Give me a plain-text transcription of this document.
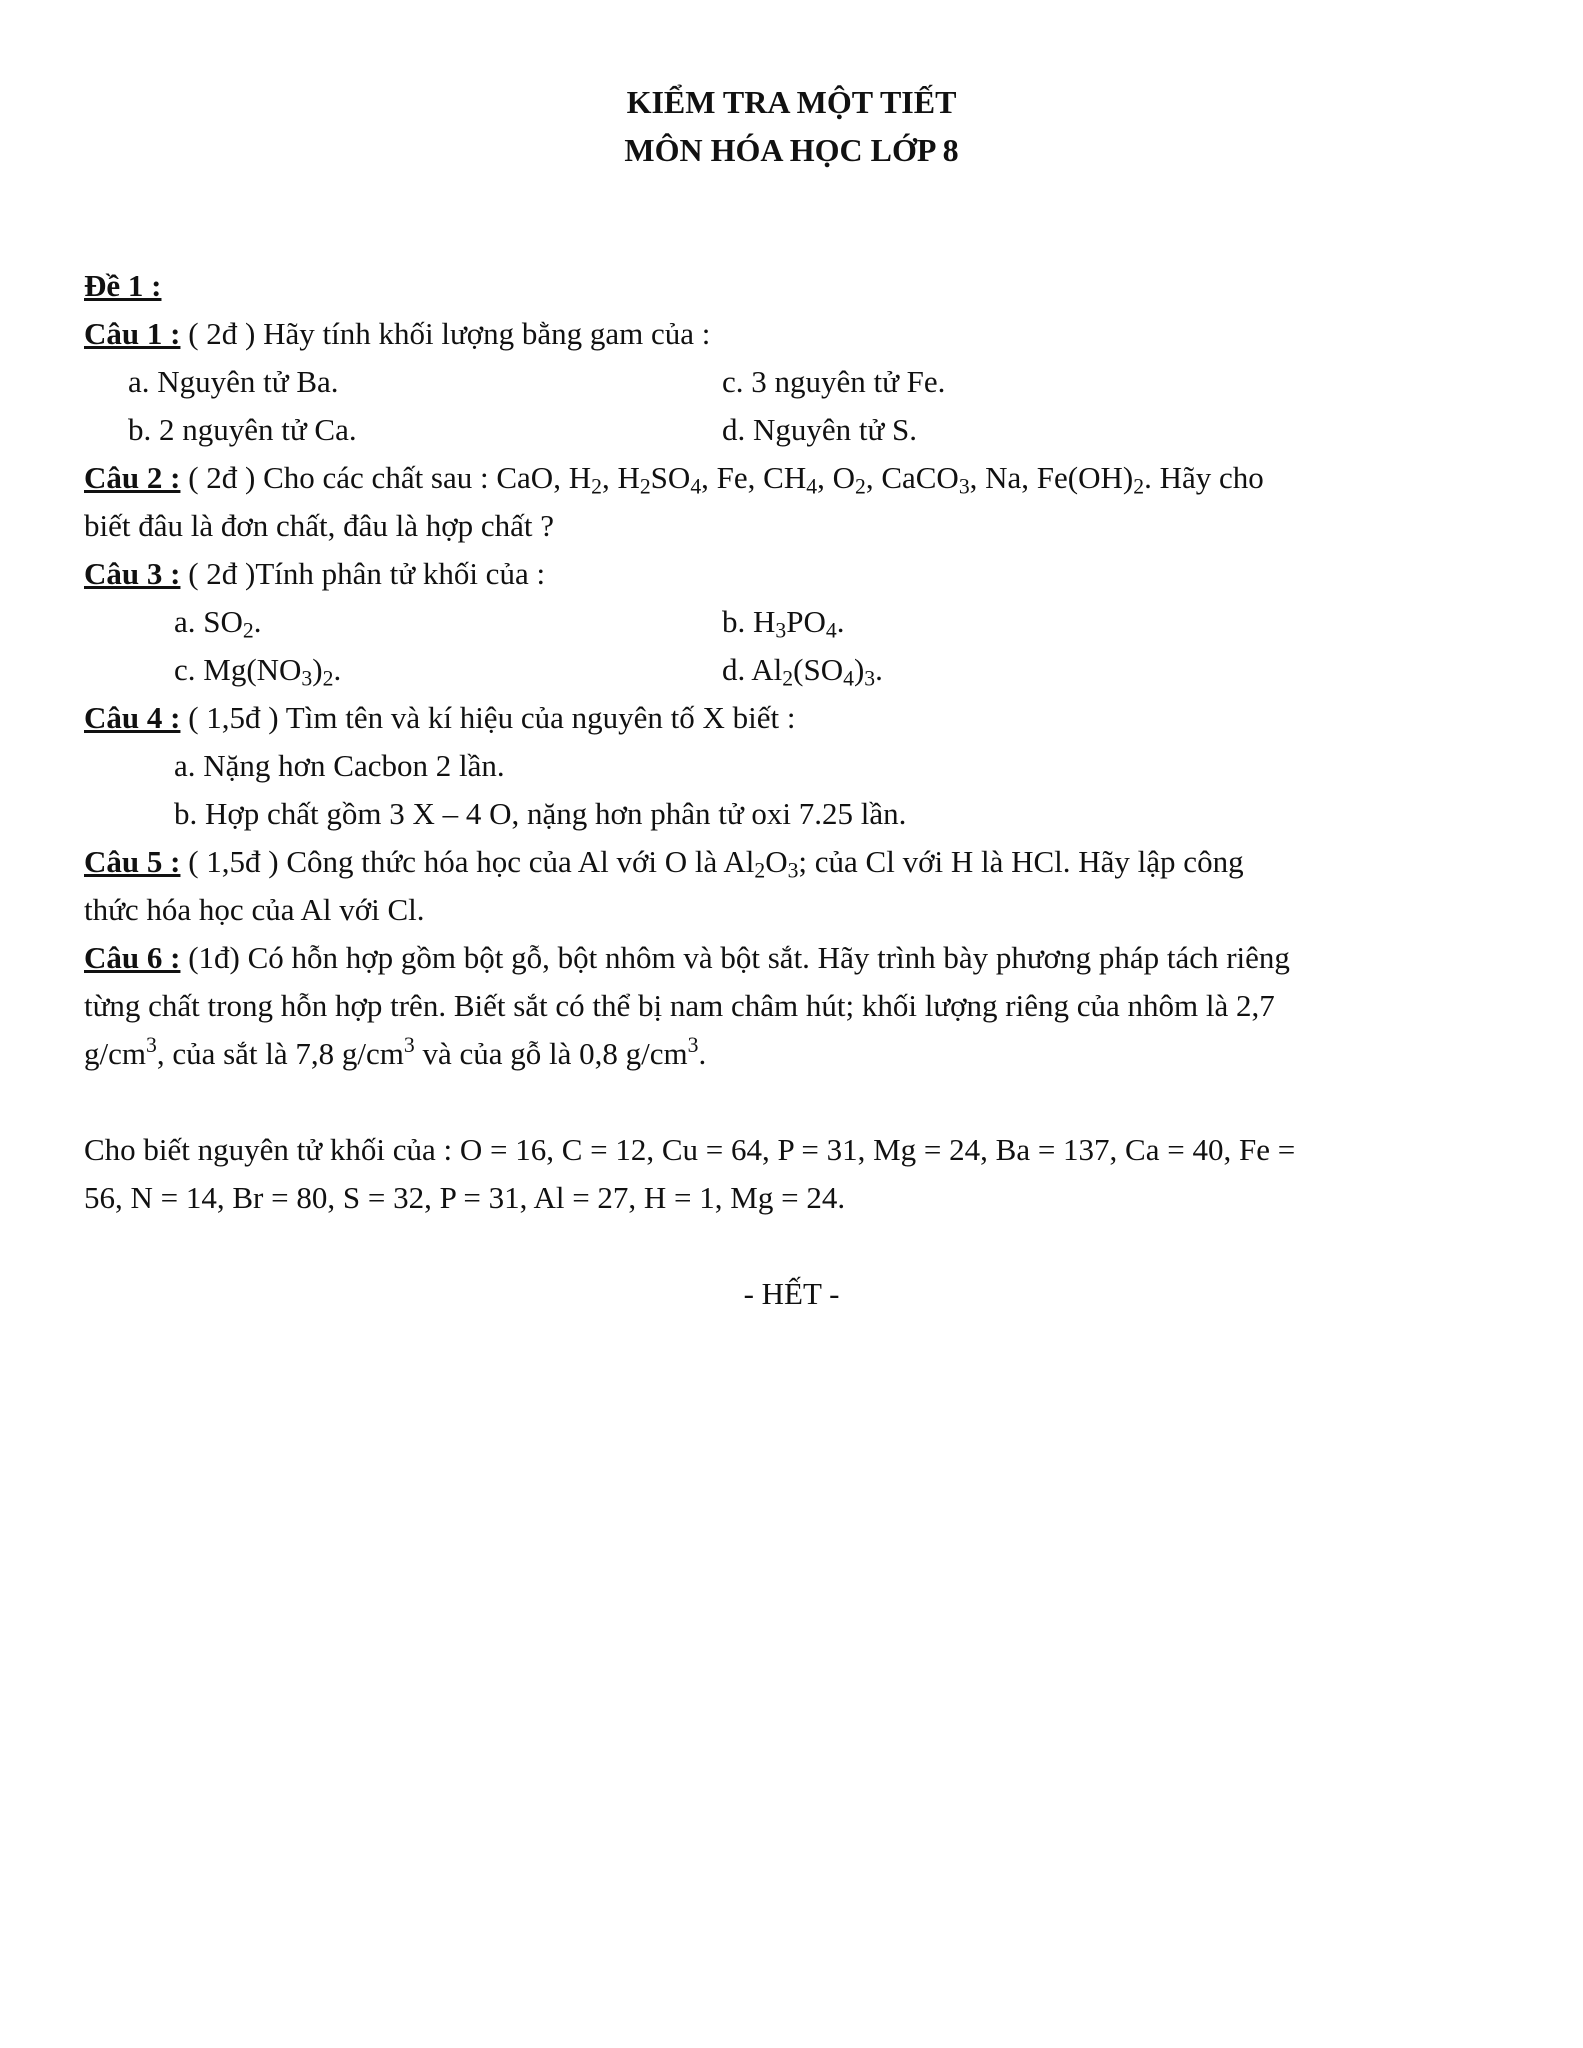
KIỂM TRA MỘT TIẾT
MÔN HÓA HỌC LỚP 8
Đề 1 :
Câu 1 : ( 2đ ) Hãy tính khối lượng bằng gam của :
a. Nguyên tử Ba.	c. 3 nguyên tử Fe.
b. 2 nguyên tử Ca.	d. Nguyên tử S.
Câu 2 : ( 2đ ) Cho các chất sau : CaO, $H_2$, $H_2SO_4$, Fe, $CH_4$, $O_2$, CaCO$_3$, Na, $Fe(OH)_2$. Hãy cho
biết đâu là đơn chất, đâu là hợp chất ?
Câu 3 : ( 2đ )Tính phân tử khối của :
a. $SO_2$.	b. $H_3PO_4$.
c. $Mg(NO_3)_2$.	d. $Al_2(SO_4)_3$.
Câu 4 : ( 1,5đ ) Tìm tên và kí hiệu của nguyên tố X biết :
a. Nặng hơn Cacbon 2 lần.
b. Hợp chất gồm 3 X – 4 O, nặng hơn phân tử oxi 7.25 lần.
Câu 5 : ( 1,5đ ) Công thức hóa học của Al với O là $Al_2O_3$; của Cl với H là HCl. Hãy lập công
thức hóa học của Al với Cl.
Câu 6 : (1đ) Có hỗn hợp gồm bột gỗ, bột nhôm và bột sắt. Hãy trình bày phương pháp tách riêng
từng chất trong hỗn hợp trên. Biết sắt có thể bị nam châm hút; khối lượng riêng của nhôm là 2,7
$g/cm^3$, của sắt là 7,8 $g/cm^3$ và của gỗ là 0,8 $g/cm^3$.
Cho biết nguyên tử khối của : O = 16, C = 12, Cu = 64, P = 31, Mg = 24, Ba = 137, Ca = 40, Fe =
56, N = 14, Br = 80, S = 32, P = 31, Al = 27, H = 1, Mg = 24.
- HẾT -
